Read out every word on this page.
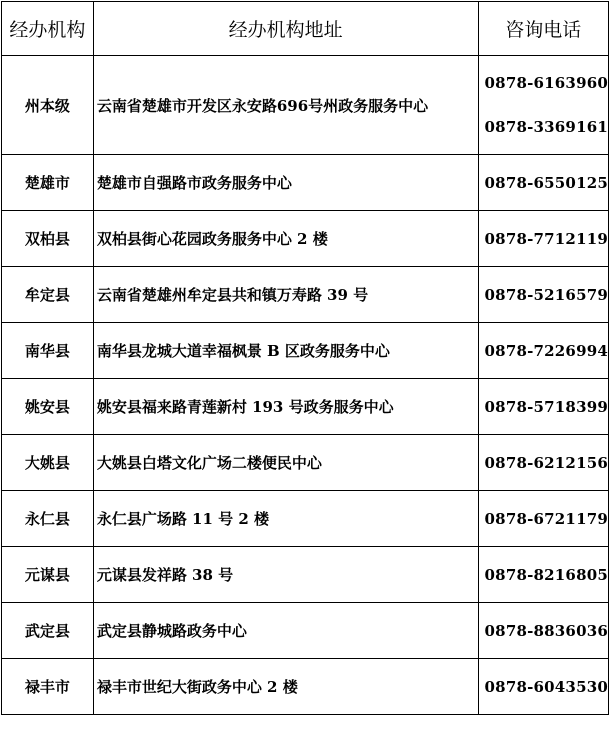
经办机构	经办机构地址	咨询电话
州本级	云南省楚雄市开发区永安路696号州政务服务中心	0878-6163960
0878-3369161

楚雄市	楚雄市自强路市政务服务中心	0878-6550125

双柏县	双柏县街心花园政务服务中心 2 楼	0878-7712119

牟定县	云南省楚雄州牟定县共和镇万寿路 39 号	0878-5216579

南华县	南华县龙城大道幸福枫景 B 区政务服务中心	0878-7226994

姚安县	姚安县福来路青莲新村 193 号政务服务中心	0878-5718399

大姚县	大姚县白塔文化广场二楼便民中心	0878-6212156

永仁县	永仁县广场路 11 号 2 楼	0878-6721179

元谋县	元谋县发祥路 38 号	0878-8216805

武定县	武定县静城路政务中心	0878-8836036

禄丰市	禄丰市世纪大街政务中心 2 楼	0878-6043530
